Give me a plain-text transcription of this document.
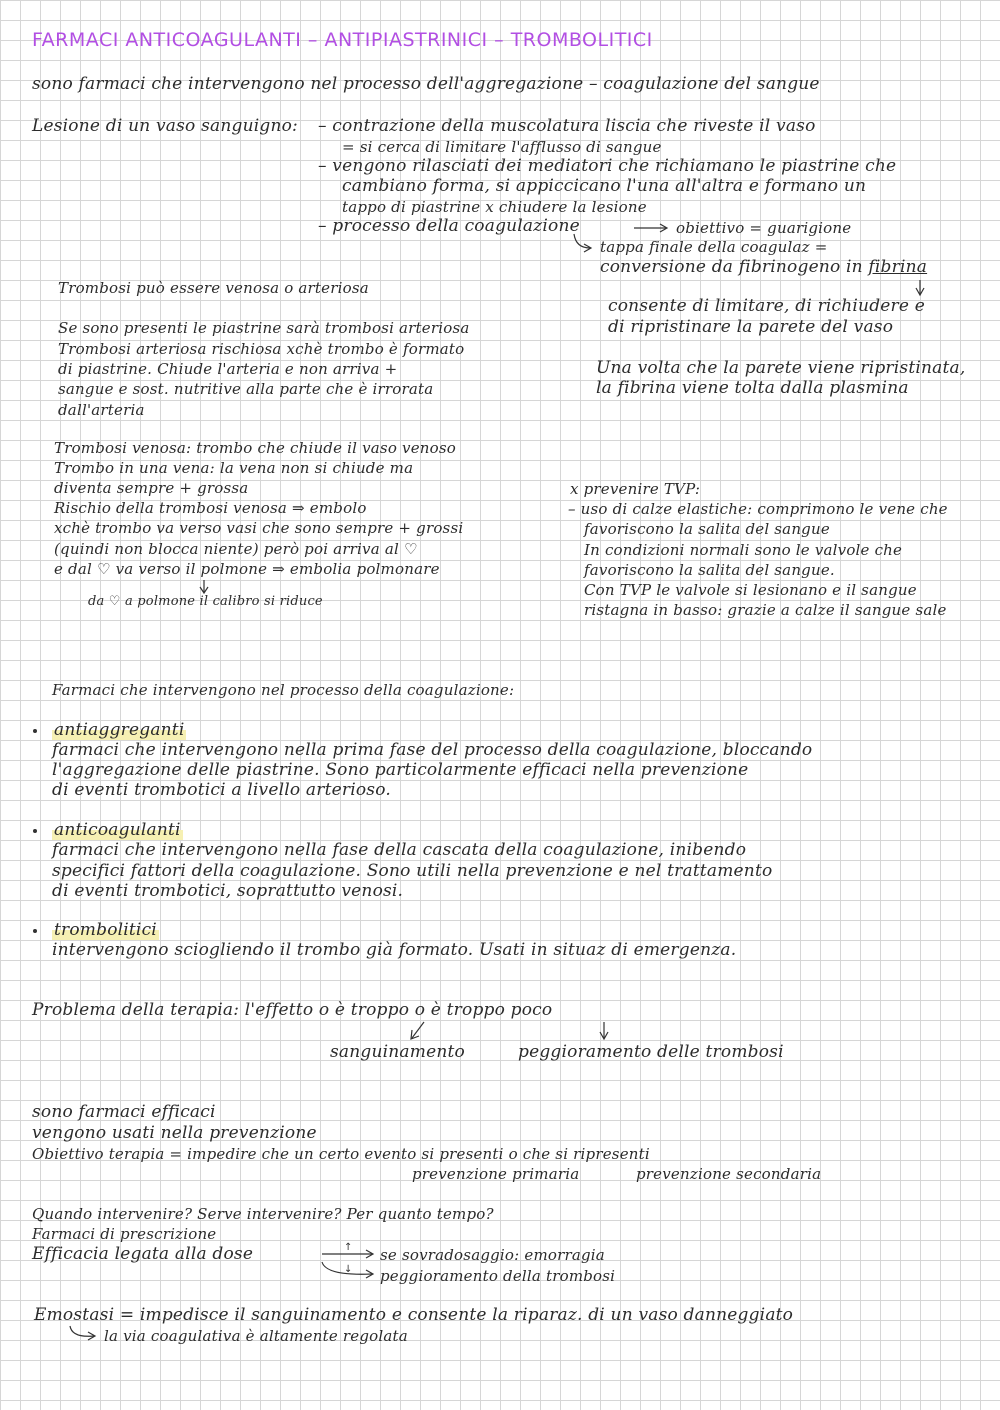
FARMACI ANTICOAGULANTI – ANTIPIASTRINICI – TROMBOLITICI
sono farmaci che intervengono nel processo dell'aggregazione – coagulazione del sangue
Lesione di un vaso sanguigno: – contrazione della muscolatura liscia che riveste il vaso
= si cerca di limitare l'afflusso di sangue
– vengono rilasciati dei mediatori che richiamano le piastrine che
cambiano forma, si appiccicano l'una all'altra e formano un
tappo di piastrine x chiudere la lesione
– processo della coagulazione	obiettivo = guarigione
tappa finale della coagulaz =
conversione da fibrinogeno in fibrina
consente di limitare, di richiudere e
di ripristinare la parete del vaso
Una volta che la parete viene ripristinata,
la fibrina viene tolta dalla plasmina
Trombosi può essere venosa o arteriosa
Se sono presenti le piastrine sarà trombosi arteriosa
Trombosi arteriosa rischiosa xchè trombo è formato
di piastrine. Chiude l'arteria e non arriva +
sangue e sost. nutritive alla parte che è irrorata
dall'arteria
Trombosi venosa: trombo che chiude il vaso venoso
Trombo in una vena: la vena non si chiude ma
diventa sempre + grossa
Rischio della trombosi venosa ⇒ embolo
xchè trombo va verso vasi che sono sempre + grossi
(quindi non blocca niente) però poi arriva al ♡
e dal ♡ va verso il polmone ⇒ embolia polmonare
da ♡ a polmone il calibro si riduce
x prevenire TVP:
– uso di calze elastiche: comprimono le vene che
favoriscono la salita del sangue
In condizioni normali sono le valvole che
favoriscono la salita del sangue.
Con TVP le valvole si lesionano e il sangue
ristagna in basso: grazie a calze il sangue sale
Farmaci che intervengono nel processo della coagulazione:
antiaggreganti
farmaci che intervengono nella prima fase del processo della coagulazione, bloccando
l'aggregazione delle piastrine. Sono particolarmente efficaci nella prevenzione
di eventi trombotici a livello arterioso.
anticoagulanti
farmaci che intervengono nella fase della cascata della coagulazione, inibendo
specifici fattori della coagulazione. Sono utili nella prevenzione e nel trattamento
di eventi trombotici, soprattutto venosi.
trombolitici
intervengono sciogliendo il trombo già formato. Usati in situaz di emergenza.
Problema della terapia: l'effetto o è troppo o è troppo poco
sanguinamento	peggioramento delle trombosi
sono farmaci efficaci
vengono usati nella prevenzione
Obiettivo terapia = impedire che un certo evento si presenti o che si ripresenti
prevenzione primaria	prevenzione secondaria
Quando intervenire? Serve intervenire? Per quanto tempo?
Farmaci di prescrizione
Efficacia legata alla dose	se sovradosaggio: emorragia
peggioramento della trombosi
Emostasi = impedisce il sanguinamento e consente la riparaz. di un vaso danneggiato
la via coagulativa è altamente regolata
↑
↓
